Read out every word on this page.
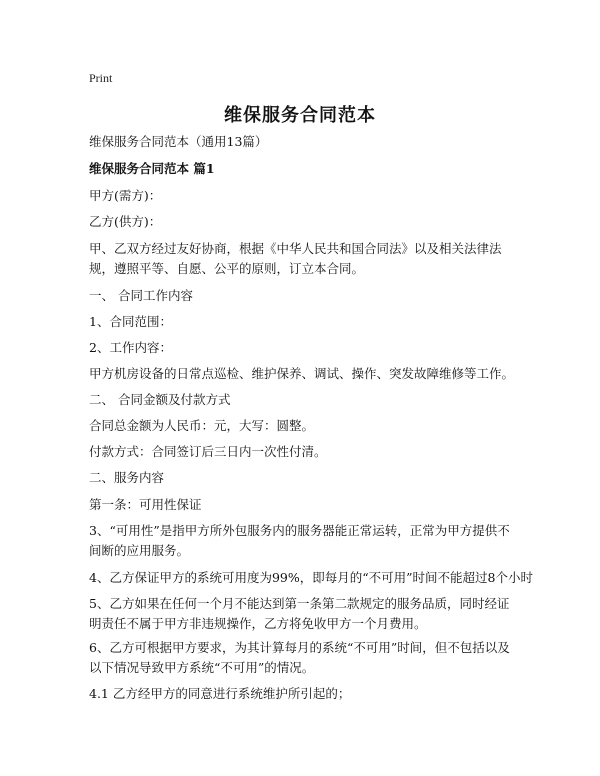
Print
维保服务合同范本
维保服务合同范本（通用13篇）
维保服务合同范本 篇1
甲方(需方)：
乙方(供方)：
甲、乙双方经过友好协商，根据《中华人民共和国合同法》以及相关法律法规，遵照平等、自愿、公平的原则，订立本合同。
一、 合同工作内容
1、合同范围：
2、工作内容：
甲方机房设备的日常点巡检、维护保养、调试、操作、突发故障维修等工作。
二、 合同金额及付款方式
合同总金额为人民币：元，大写：圆整。
付款方式：合同签订后三日内一次性付清。
二、服务内容
第一条：可用性保证
3、“可用性”是指甲方所外包服务内的服务器能正常运转，正常为甲方提供不间断的应用服务。
4、乙方保证甲方的系统可用度为99%，即每月的“不可用”时间不能超过8个小时
5、乙方如果在任何一个月不能达到第一条第二款规定的服务品质，同时经证明责任不属于甲方非违规操作，乙方将免收甲方一个月费用。
6、乙方可根据甲方要求，为其计算每月的系统“不可用”时间，但不包括以及以下情况导致甲方系统“不可用”的情况。
4.1 乙方经甲方的同意进行系统维护所引起的；
